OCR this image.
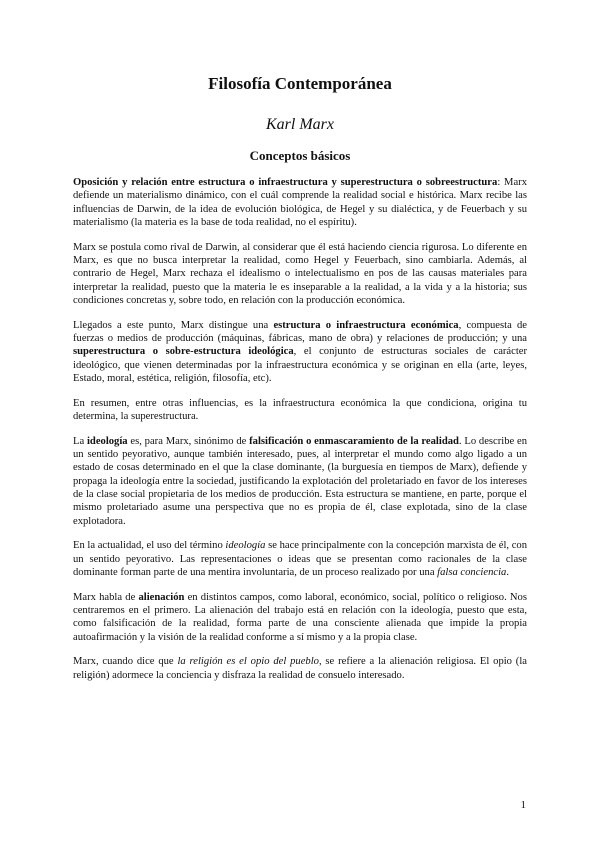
Filosofía Contemporánea
Karl Marx
Conceptos básicos

Oposición y relación entre estructura o infraestructura y superestructura o sobreestructura: Marx defiende un materialismo dinámico, con el cuál comprende la realidad social e histórica. Marx recibe las influencias de Darwin, de la idea de evolución biológica, de Hegel y su dialéctica, y de Feuerbach y su materialismo (la materia es la base de toda realidad, no el espíritu).

Marx se postula como rival de Darwin, al considerar que él está haciendo ciencia rigurosa. Lo diferente en Marx, es que no busca interpretar la realidad, como Hegel y Feuerbach, sino cambiarla. Además, al contrario de Hegel, Marx rechaza el idealismo o intelectualismo en pos de las causas materiales para interpretar la realidad, puesto que la materia le es inseparable a la realidad, a la vida y a la historia; sus condiciones concretas y, sobre todo, en relación con la producción económica.

Llegados a este punto, Marx distingue una estructura o infraestructura económica, compuesta de fuerzas o medios de producción (máquinas, fábricas, mano de obra) y relaciones de producción; y una superestructura o sobre-estructura ideológica, el conjunto de estructuras sociales de carácter ideológico, que vienen determinadas por la infraestructura económica y se originan en ella (arte, leyes, Estado, moral, estética, religión, filosofía, etc).

En resumen, entre otras influencias, es la infraestructura económica la que condiciona, origina tu determina, la superestructura.

La ideología es, para Marx, sinónimo de falsificación o enmascaramiento de la realidad. Lo describe en un sentido peyorativo, aunque también interesado, pues, al interpretar el mundo como algo ligado a un estado de cosas determinado en el que la clase dominante, (la burguesía en tiempos de Marx), defiende y propaga la ideología entre la sociedad, justificando la explotación del proletariado en favor de los intereses de la clase social propietaria de los medios de producción. Esta estructura se mantiene, en parte, porque el mismo proletariado asume una perspectiva que no es propia de él, clase explotada, sino de la clase explotadora.

En la actualidad, el uso del término ideología se hace principalmente con la concepción marxista de él, con un sentido peyorativo. Las representaciones o ideas que se presentan como racionales de la clase dominante forman parte de una mentira involuntaria, de un proceso realizado por una falsa conciencia.

Marx habla de alienación en distintos campos, como laboral, económico, social, político o religioso. Nos centraremos en el primero. La alienación del trabajo está en relación con la ideología, puesto que esta, como falsificación de la realidad, forma parte de una consciente alienada que impide la propia autoafirmación y la visión de la realidad conforme a sí mismo y a la propia clase.

Marx, cuando dice que la religión es el opio del pueblo, se refiere a la alienación religiosa. El opio (la religión) adormece la conciencia y disfraza la realidad de consuelo interesado.

1
